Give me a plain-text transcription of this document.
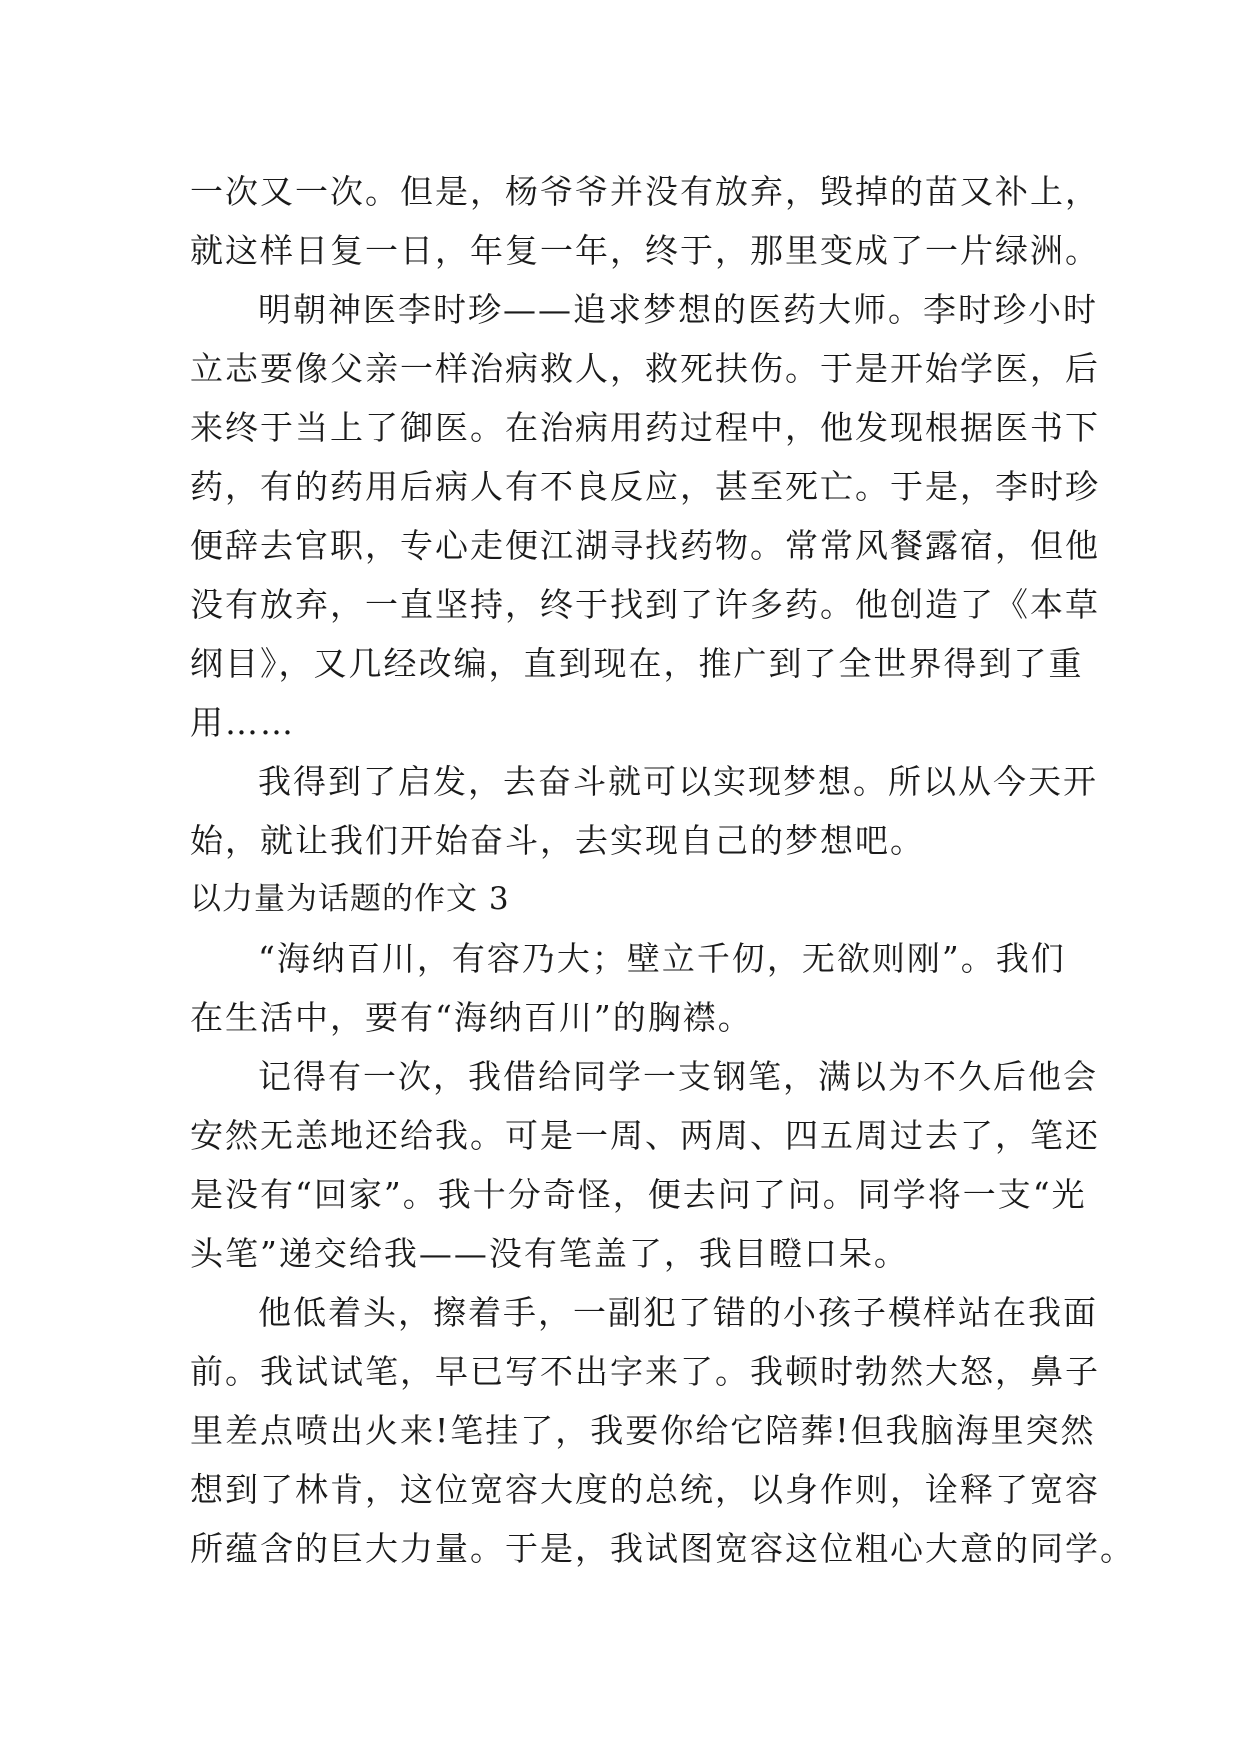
一次又一次。但是，杨爷爷并没有放弃，毁掉的苗又补上，
就这样日复一日，年复一年，终于，那里变成了一片绿洲。
明朝神医李时珍——追求梦想的医药大师。李时珍小时
立志要像父亲一样治病救人，救死扶伤。于是开始学医，后
来终于当上了御医。在治病用药过程中，他发现根据医书下
药，有的药用后病人有不良反应，甚至死亡。于是，李时珍
便辞去官职，专心走便江湖寻找药物。常常风餐露宿，但他
没有放弃，一直坚持，终于找到了许多药。他创造了《本草
纲目》，又几经改编，直到现在，推广到了全世界得到了重
用……
我得到了启发，去奋斗就可以实现梦想。所以从今天开
始，就让我们开始奋斗，去实现自己的梦想吧。
以力量为话题的作文 3
“海纳百川，有容乃大；壁立千仞，无欲则刚”。我们
在生活中，要有“海纳百川”的胸襟。
记得有一次，我借给同学一支钢笔，满以为不久后他会
安然无恙地还给我。可是一周、两周、四五周过去了，笔还
是没有“回家”。我十分奇怪，便去问了问。同学将一支“光
头笔”递交给我——没有笔盖了，我目瞪口呆。
他低着头，擦着手，一副犯了错的小孩子模样站在我面
前。我试试笔，早已写不出字来了。我顿时勃然大怒，鼻子
里差点喷出火来!笔挂了，我要你给它陪葬!但我脑海里突然
想到了林肯，这位宽容大度的总统，以身作则，诠释了宽容
所蕴含的巨大力量。于是，我试图宽容这位粗心大意的同学。
